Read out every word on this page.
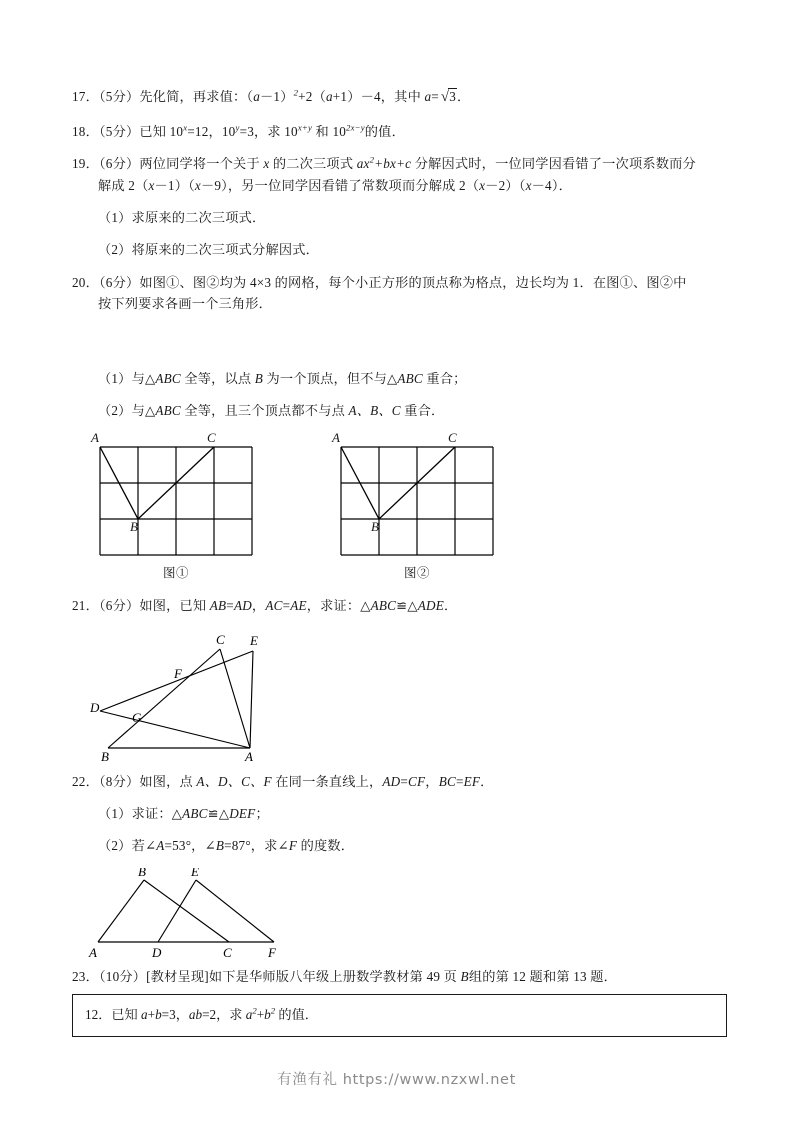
17．（5分）先化简，再求值：$(a-1)^2+2(a+1)-4$，其中 a= √3．
18．（5分）已知 $10^x=12$，$10^y=3$，求 $10^{x+y}$ 和 $10^{2x-y}$的值．
19．（6分）两位同学将一个关于 x 的二次三项式 $ax^2+bx+c$ 分解因式时，一位同学因看错了一次项系数而分
解成 2（x－1）（x－9），另一位同学因看错了常数项而分解成 2（x－2）（x－4）．
（1）求原来的二次三项式．
（2）将原来的二次三项式分解因式．
20．（6分）如图①、图②均为 4×3 的网格，每个小正方形的顶点称为格点，边长均为 1．在图①、图②中
按下列要求各画一个三角形．
（1）与△ABC 全等，以点 B 为一个顶点，但不与△ABC 重合；
（2）与△ABC 全等，且三个顶点都不与点 A、B、C 重合．
A
B
C
图①
A
B
C
图②
21．（6分）如图，已知 AB=AD，AC=AE，求证：△ABC≌△ADE．
B	A
D
C E
F
G
22．（8分）如图，点 A、D、C、F 在同一条直线上，AD=CF，BC=EF．
（1）求证：△ABC≌△DEF；
（2）若∠A=53°，∠B=87°，求∠F 的度数．
A	D	C	F
B	E
23．（10分）[教材呈现]如下是华师版八年级上册数学教材第 49 页 B组的第 12 题和第 13 题．
12．已知 a+b=3，ab=2，求 $a^2+b^2$ 的值．
有渔有礼 https://www.nzxwl.net
